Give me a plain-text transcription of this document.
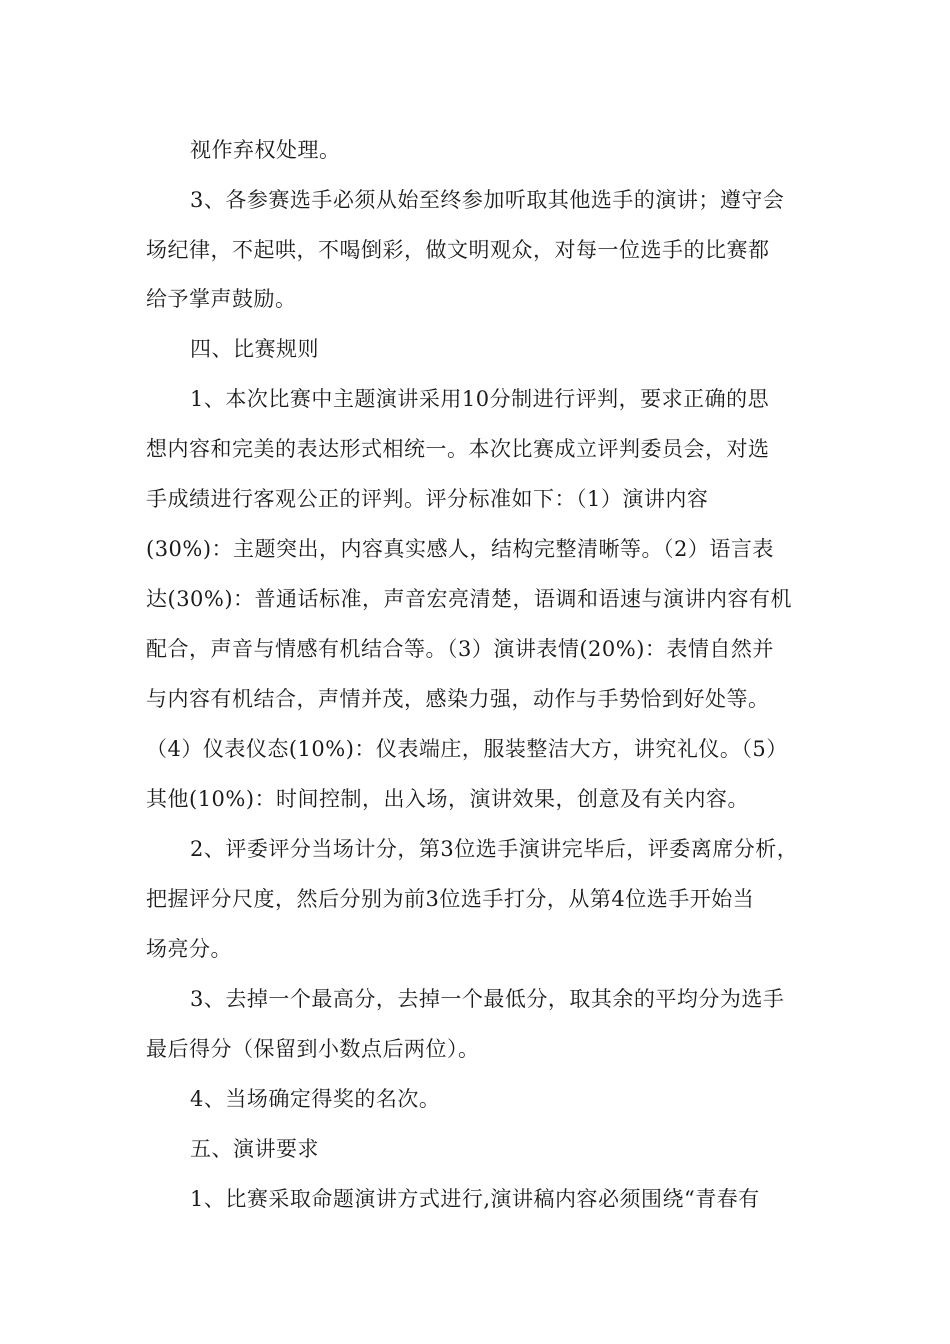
视作弃权处理。
3、各参赛选手必须从始至终参加听取其他选手的演讲；遵守会
场纪律，不起哄，不喝倒彩，做文明观众，对每一位选手的比赛都
给予掌声鼓励。
四、比赛规则
1、本次比赛中主题演讲采用10分制进行评判，要求正确的思
想内容和完美的表达形式相统一。本次比赛成立评判委员会，对选
手成绩进行客观公正的评判。评分标准如下：（1）演讲内容
(30%)：主题突出，内容真实感人，结构完整清晰等。（2）语言表
达(30%)：普通话标准，声音宏亮清楚，语调和语速与演讲内容有机
配合，声音与情感有机结合等。（3）演讲表情(20%)：表情自然并
与内容有机结合，声情并茂，感染力强，动作与手势恰到好处等。
（4）仪表仪态(10%)：仪表端庄，服装整洁大方，讲究礼仪。（5）
其他(10%)：时间控制，出入场，演讲效果，创意及有关内容。
2、评委评分当场计分，第3位选手演讲完毕后，评委离席分析，
把握评分尺度，然后分别为前3位选手打分，从第4位选手开始当
场亮分。
3、去掉一个最高分，去掉一个最低分，取其余的平均分为选手
最后得分（保留到小数点后两位）。
4、当场确定得奖的名次。
五、演讲要求
1、比赛采取命题演讲方式进行,演讲稿内容必须围绕“青春有
